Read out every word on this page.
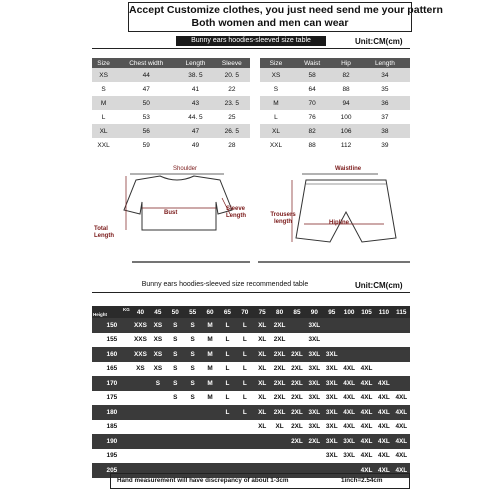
Accept Customize clothes, you just need send me your pattern
Both women and men can wear
Bunny ears hoodies-sleeved size table	Unit:CM(cm)
Size	Chest width	Length	Sleeve
XS	44	38. 5	20. 5
S	47	41	22
M	50	43	23. 5
L	53	44. 5	25
XL	56	47	26. 5
XXL	59	49	28
Size	Waist	Hip	Length
XS	58	82	34
S	64	88	35
M	70	94	36
L	76	100	37
XL	82	106	38
XXL	88	112	39
Shoulder
Bust
Sleeve Length
Total Length
Waistline
Hipline
Trousers length
Bunny ears hoodies-sleeved size recommended table	Unit:CM(cm)
KG
Height	40	45	50	55	60	65	70	75	80	85	90	95	100	105	110	115
150	XXS	XS	S	S	M	L	L	XL	2XL		3XL					
155	XXS	XS	S	S	M	L	L	XL	2XL		3XL					
160	XXS	XS	S	S	M	L	L	XL	2XL	2XL	3XL	3XL				
165	XS	XS	S	S	M	L	L	XL	2XL	2XL	3XL	3XL	4XL	4XL		
170		S	S	S	M	L	L	XL	2XL	2XL	3XL	3XL	4XL	4XL	4XL	
175			S	S	M	L	L	XL	2XL	2XL	3XL	3XL	4XL	4XL	4XL	4XL
180						L	L	XL	2XL	2XL	3XL	3XL	4XL	4XL	4XL	4XL
185								XL	XL	2XL	3XL	3XL	4XL	4XL	4XL	4XL
190										2XL	2XL	3XL	3XL	4XL	4XL	4XL
195												3XL	3XL	4XL	4XL	4XL
205														4XL	4XL	4XL
Hand measurement will have discrepancy of about 1-3cm	1inch=2.54cm
